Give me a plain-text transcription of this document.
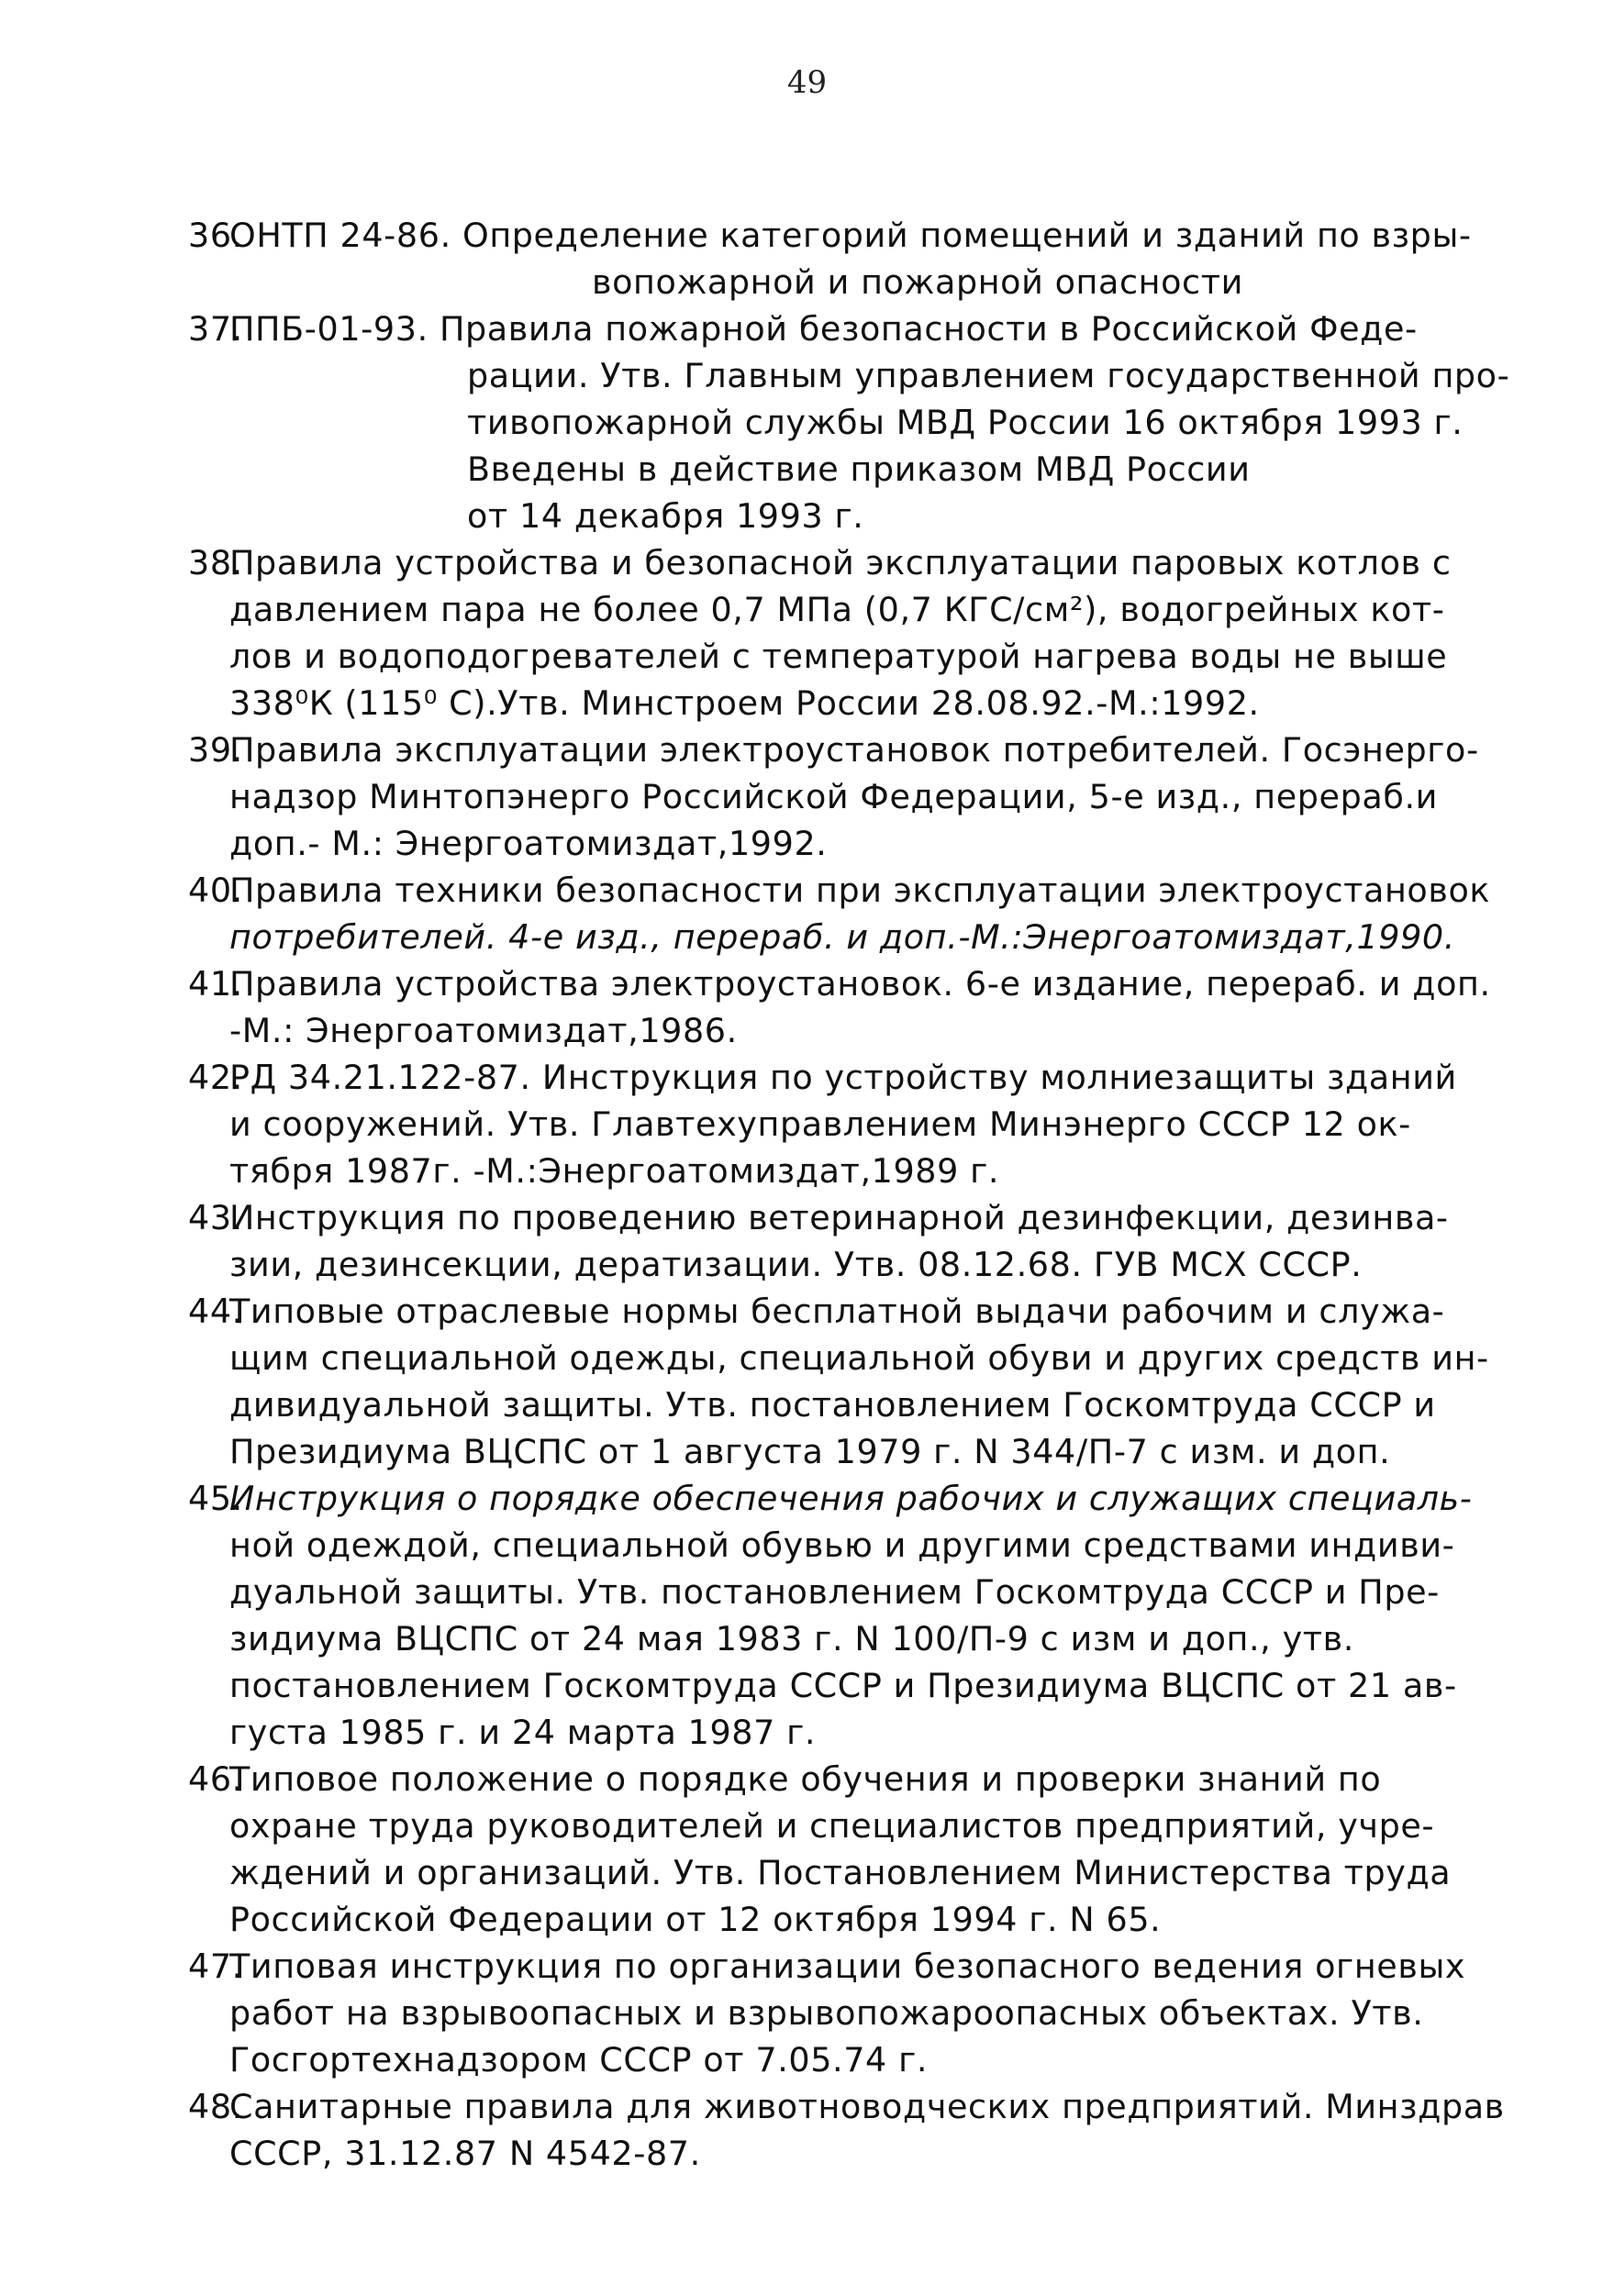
49
36.
ОНТП 24-86. Определение категорий помещений и зданий по взры-
вопожарной и пожарной опасности
37.
ППБ-01-93. Правила пожарной безопасности в Российской Феде-
рации. Утв. Главным управлением государственной про-
тивопожарной службы МВД России 16 октября 1993 г.
Введены в действие приказом МВД России
от 14 декабря 1993 г.
38.
Правила устройства и безопасной эксплуатации паровых котлов с
давлением пара не более 0,7 МПа (0,7 КГС/см²), водогрейных кот-
лов и водоподогревателей с температурой нагрева воды не выше
338⁰К (115⁰ С).Утв. Минстроем России 28.08.92.-М.:1992.
39.
Правила эксплуатации электроустановок потребителей. Госэнерго-
надзор Минтопэнерго Российской Федерации, 5-е изд., перераб.и
доп.- М.: Энергоатомиздат,1992.
40.
Правила техники безопасности при эксплуатации электроустановок
потребителей. 4-е изд., перераб. и доп.-М.:Энергоатомиздат,1990.
41.
Правила устройства электроустановок. 6-е издание, перераб. и доп.
-М.: Энергоатомиздат,1986.
42.
РД 34.21.122-87. Инструкция по устройству молниезащиты зданий
и сооружений. Утв. Главтехуправлением Минэнерго СССР 12 ок-
тября 1987г. -М.:Энергоатомиздат,1989 г.
43.
Инструкция по проведению ветеринарной дезинфекции, дезинва-
зии, дезинсекции, дератизации. Утв. 08.12.68. ГУВ МСХ СССР.
44.
Типовые отраслевые нормы бесплатной выдачи рабочим и служа-
щим специальной одежды, специальной обуви и других средств ин-
дивидуальной защиты. Утв. постановлением Госкомтруда СССР и
Президиума ВЦСПС от 1 августа 1979 г. N 344/П-7 с изм. и доп.
45.
Инструкция о порядке обеспечения рабочих и служащих специаль-
ной одеждой, специальной обувью и другими средствами индиви-
дуальной защиты. Утв. постановлением Госкомтруда СССР и Пре-
зидиума ВЦСПС от 24 мая 1983 г. N 100/П-9 с изм и доп., утв.
постановлением Госкомтруда СССР и Президиума ВЦСПС от 21 ав-
густа 1985 г. и 24 марта 1987 г.
46.
Типовое положение о порядке обучения и проверки знаний по
охране труда руководителей и специалистов предприятий, учре-
ждений и организаций. Утв. Постановлением Министерства труда
Российской Федерации от 12 октября 1994 г. N 65.
47.
Типовая инструкция по организации безопасного ведения огневых
работ на взрывоопасных и взрывопожароопасных объектах. Утв.
Госгортехнадзором СССР от 7.05.74 г.
48.
Санитарные правила для животноводческих предприятий. Минздрав
СССР, 31.12.87 N 4542-87.
